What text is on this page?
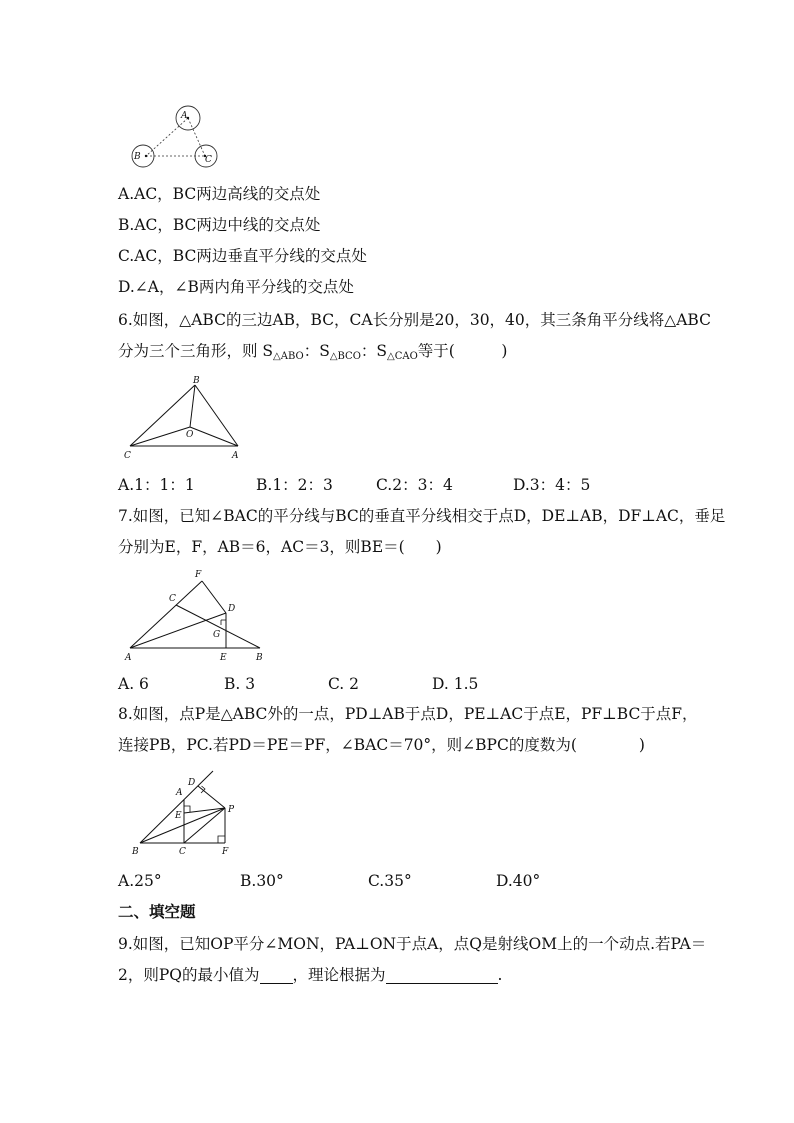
A
B	C
A.AC，BC两边高线的交点处
B.AC，BC两边中线的交点处
C.AC，BC两边垂直平分线的交点处
D.∠A，∠B两内角平分线的交点处
6.如图，△ABC的三边AB，BC，CA长分别是20，30，40，其三条角平分线将△ABC
分为三个三角形，则 $S_{\triangle ABO}$：$S_{\triangle BCO}$：$S_{\triangle CAO}$等于(　　　)
B
O
C	A
A.1：1：1	B.1：2：3	C.2：3：4	D.3：4：5
7.如图，已知∠BAC的平分线与BC的垂直平分线相交于点D，DE⊥AB，DF⊥AC，垂足
分别为E，F，AB＝6，AC＝3，则BE＝(　　)
F
C
D
G
A	E	B
A. 6	B. 3	C. 2	D. 1.5
8.如图，点P是△ABC外的一点，PD⊥AB于点D，PE⊥AC于点E，PF⊥BC于点F，
连接PB，PC.若PD＝PE＝PF，∠BAC＝70°，则∠BPC的度数为(　　　　)
D
A
P
E
B	C	F
A.25°	B.30°	C.35°	D.40°
二、填空题
9.如图，已知OP平分∠MON，PA⊥ON于点A，点Q是射线OM上的一个动点.若PA＝
2，则PQ的最小值为 ，理论根据为	.
